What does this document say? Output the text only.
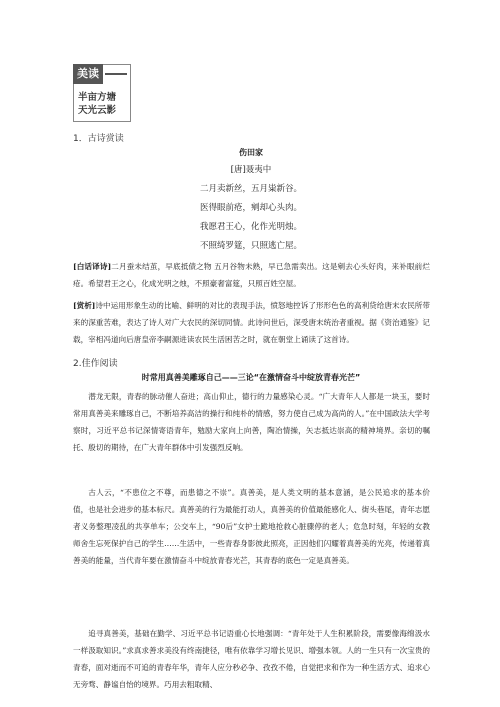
美读
半亩方塘
天光云影
1．古诗赏读
伤田家
[唐]聂夷中
二月卖新丝，五月粜新谷。
医得眼前疮，剜却心头肉。
我愿君王心，化作光明烛。
不照绮罗筵，只照逃亡屋。
[白话译诗]二月蚕未结茧，早底抵债之物 五月谷物未熟，早已急需卖出。这是剜去心头好肉，来补眼前烂疮。希望君王之心，化成光明之烛，不照豪奢富筵，只照百姓空屋。
[赏析]诗中运用形象生动的比喻、鲜明的对比的表现手法，愤怒地控诉了形形色色的高利贷给唐末农民所带来的深重苦难，表达了诗人对广大农民的深切同情。此诗问世后，深受唐末统治者重视。据《资治通鉴》记载，宰相冯道向后唐皇帝李嗣源进读农民生活困苦之时，就在朝堂上诵读了这首诗。
2.佳作阅读
时常用真善美雕琢自己——三论“在激情奋斗中绽放青春光芒”
潜龙无限，青春的脉动催人奋进；高山仰止，德行的力量感染心灵。“广大青年人人都是一块玉，要时常用真善美来雕琢自己，不断培养高洁的操行和纯朴的情感，努力使自己成为高尚的人。”在中国政法大学考察时，习近平总书记深情寄语青年，勉励大家向上向善，陶冶情操，矢志抵达崇高的精神境界。亲切的嘱托、殷切的期待，在广大青年群体中引发强烈反响。
古人云，“不患位之不尊，而患德之不崇”。真善美，是人类文明的基本意涵，是公民追求的基本价值，也是社会进步的基本标尺。真善美的行为最能打动人，真善美的价值最能感化人、街头巷尾，青年志愿者义务整理凌乱的共享单车；公交车上，“90后”女护士跪地抢救心脏骤停的老人；危急时刻，年轻的女教师舍生忘死保护自己的学生……生活中，一些青春身影彼此照亮，正因他们闪耀着真善美的光亮，传递着真善美的能量，当代青年要在激情奋斗中绽放青春光芒，其青春的底色一定是真善美。
追寻真善美，基础在勤学、习近平总书记语重心长地强调：“青年处于人生积累阶段，需要像海绵汲水一样汲取知识。”求真求善求美没有终南捷径，唯有依靠学习增长见识、增强本领。人的一生只有一次宝贵的青春，面对逝而不可追的青春年华，青年人应分秒必争、孜孜不倦，自觉把求和作为一种生活方式、追求心无旁骛、静谧自怡的境界。巧用去粗取精、
